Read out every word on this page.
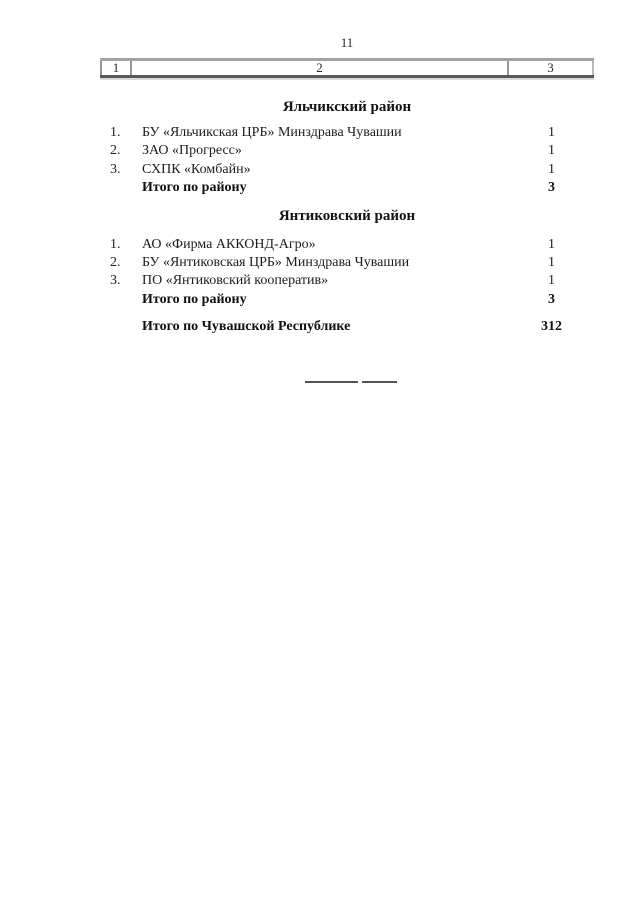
11
1	2	3
Яльчикский район
1.	БУ «Яльчикская ЦРБ» Минздрава Чувашии	1
2.	ЗАО «Прогресс»	1
3.	СХПК «Комбайн»	1
Итого по району	3
Янтиковский район
1.	АО «Фирма АККОНД-Агро»	1
2.	БУ «Янтиковская ЦРБ» Минздрава Чувашии	1
3.	ПО «Янтиковский кооператив»	1
Итого по району	3
Итого по Чувашской Республике	312
